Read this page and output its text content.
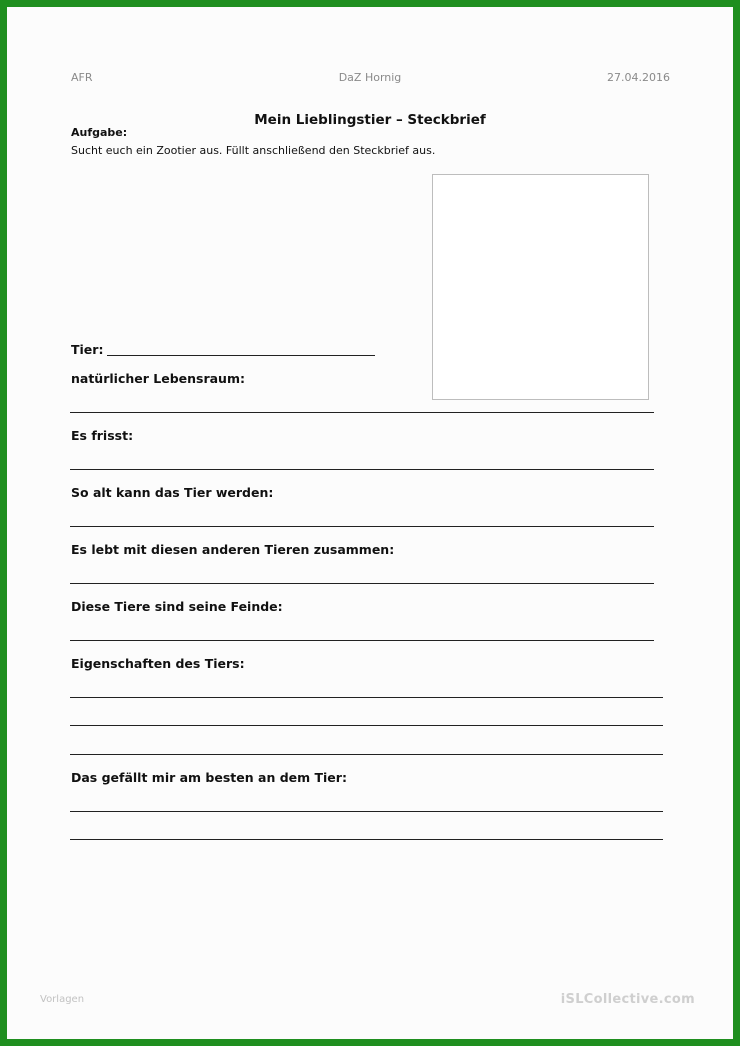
AFR	DaZ Hornig	27.04.2016
Mein Lieblingstier – Steckbrief
Aufgabe:
Sucht euch ein Zootier aus. Füllt anschließend den Steckbrief aus.
Tier:
natürlicher Lebensraum:
Es frisst:
So alt kann das Tier werden:
Es lebt mit diesen anderen Tieren zusammen:
Diese Tiere sind seine Feinde:
Eigenschaften des Tiers:
Das gefällt mir am besten an dem Tier:
Vorlagen	iSLCollective.com
